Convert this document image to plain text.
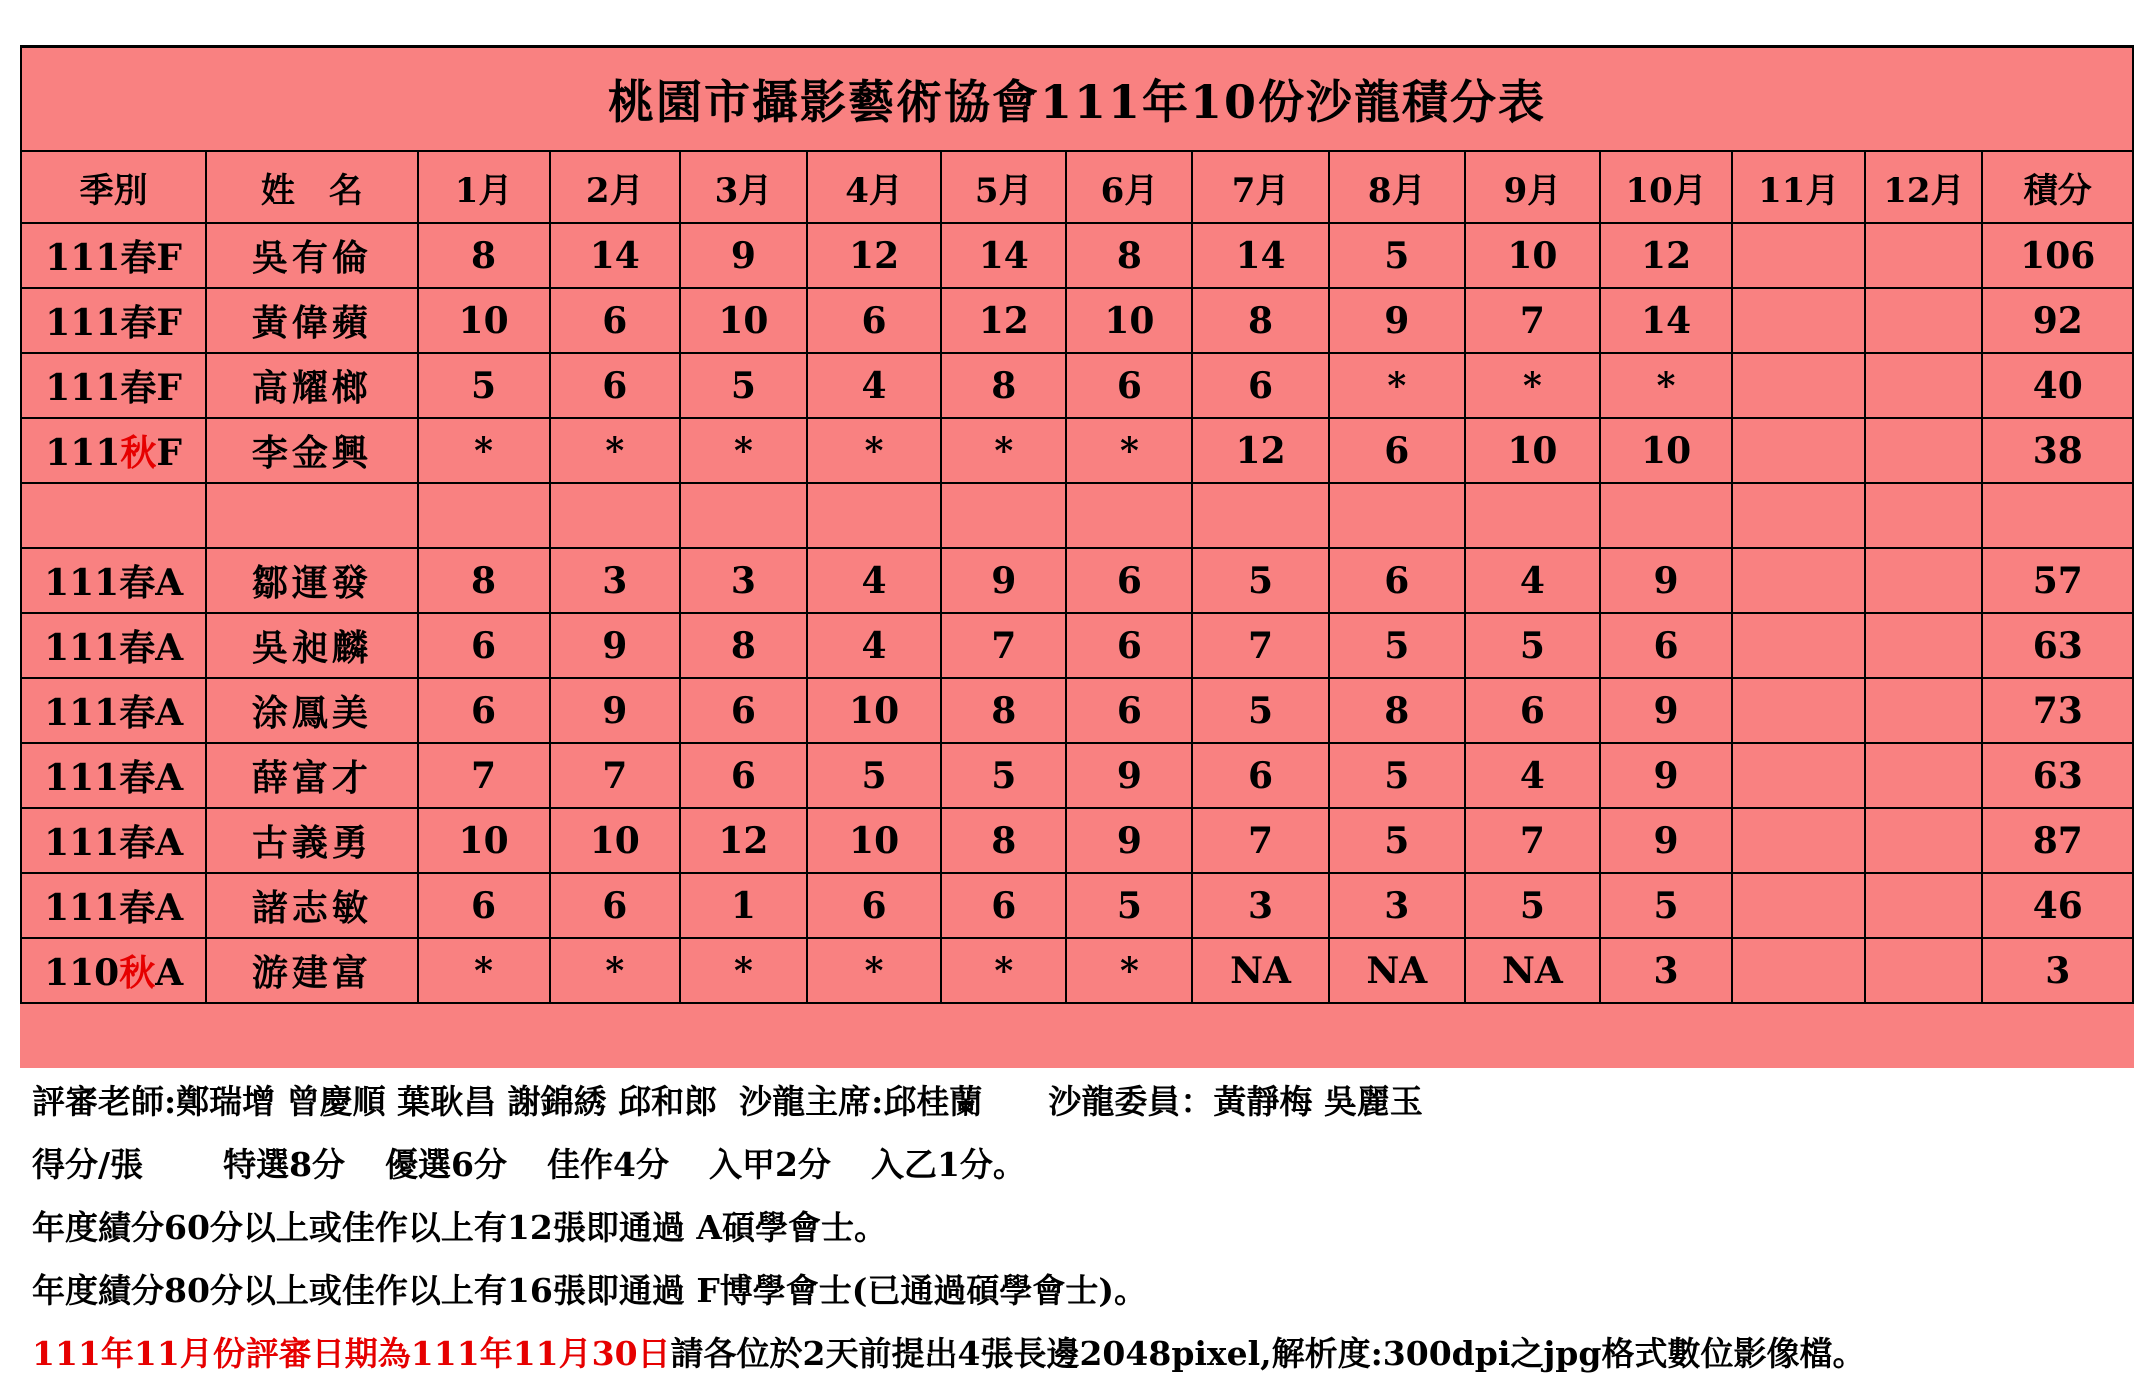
桃園市攝影藝術協會111年10份沙龍積分表														
季別	姓　名	1月	2月	3月	4月	5月	6月	7月	8月	9月	10月	11月	12月	積分
111春F	吳有倫	8	14	9	12	14	8	14	5	10	12			106
111春F	黃偉蘋	10	6	10	6	12	10	8	9	7	14			92
111春F	高耀榔	5	6	5	4	8	6	6	*	*	*			40
111秋F	李金興	*	*	*	*	*	*	12	6	10	10			38

111春A	鄒運發	8	3	3	4	9	6	5	6	4	9			57
111春A	吳昶麟	6	9	8	4	7	6	7	5	5	6			63
111春A	涂鳳美	6	9	6	10	8	6	5	8	6	9			73
111春A	薛富才	7	7	6	5	5	9	6	5	4	9			63
111春A	古義勇	10	10	12	10	8	9	7	5	7	9			87
111春A	諸志敏	6	6	1	6	6	5	3	3	5	5			46
110秋A	游建富	*	*	*	*	*	*	NA	NA	NA	3			3
評審老師:鄭瑞增 曾慶順 葉耿昌 謝錦綉 邱和郎 沙龍主席:邱桂蘭 沙龍委員：黃靜梅 吳麗玉
得分/張 特選8分 優選6分 佳作4分 入甲2分 入乙1分。
年度績分60分以上或佳作以上有12張即通過 A碩學會士。
年度績分80分以上或佳作以上有16張即通過 F博學會士(已通過碩學會士)。
111年11月份評審日期為111年11月30日請各位於2天前提出4張長邊2048pixel,解析度:300dpi之jpg格式數位影像檔。
